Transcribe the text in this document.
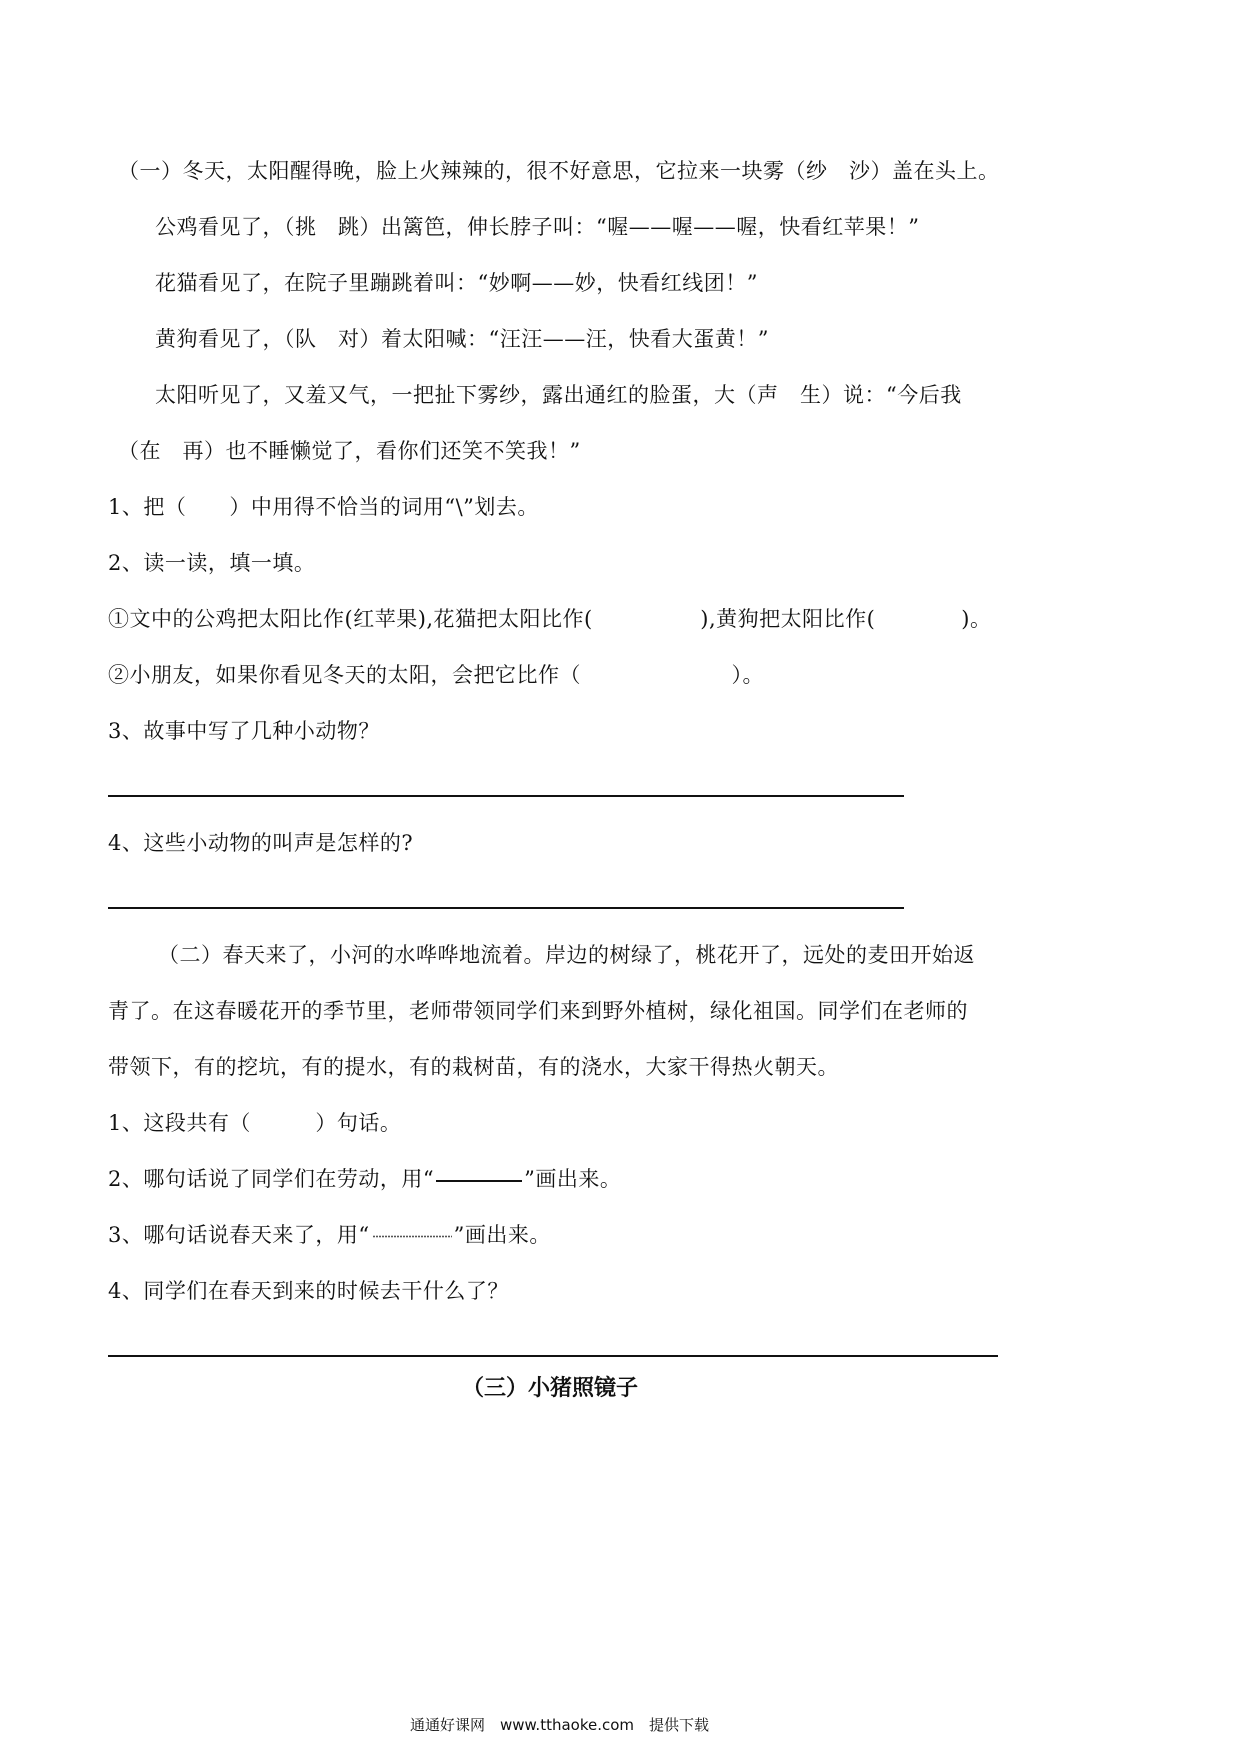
（一）冬天，太阳醒得晚，脸上火辣辣的，很不好意思，它拉来一块雾（纱　沙）盖在头上。
公鸡看见了，（挑　跳）出篱笆，伸长脖子叫：“喔——喔——喔，快看红苹果！”
花猫看见了，在院子里蹦跳着叫：“妙啊——妙，快看红线团！”
黄狗看见了，（队　对）着太阳喊：“汪汪——汪，快看大蛋黄！”
太阳听见了，又羞又气，一把扯下雾纱，露出通红的脸蛋，大（声　生）说：“今后我
（在　再）也不睡懒觉了，看你们还笑不笑我！”
1、把（　　）中用得不恰当的词用“\”划去。
2、读一读，填一填。
①文中的公鸡把太阳比作(红苹果),花猫把太阳比作(　　　　　),黄狗把太阳比作(　　　　)。
②小朋友，如果你看见冬天的太阳，会把它比作（　　　　　　　）。
3、故事中写了几种小动物？
4、这些小动物的叫声是怎样的?
（二）春天来了，小河的水哗哗地流着。岸边的树绿了，桃花开了，远处的麦田开始返
青了。在这春暖花开的季节里，老师带领同学们来到野外植树，绿化祖国。同学们在老师的
带领下，有的挖坑，有的提水，有的栽树苗，有的浇水，大家干得热火朝天。
1、这段共有（　　　）句话。
2、哪句话说了同学们在劳动，用“	”画出来。
3、哪句话说春天来了，用“	”画出来。
4、同学们在春天到来的时候去干什么了？
（三）小猪照镜子
通通好课网　www.tthaoke.com　提供下载
